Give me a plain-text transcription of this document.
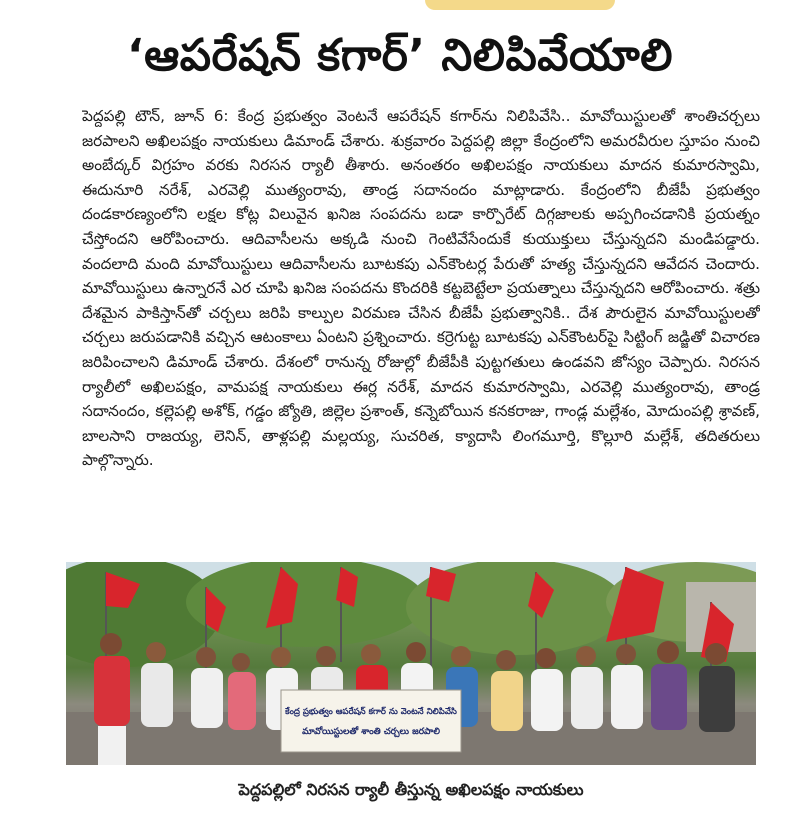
‘ఆపరేషన్ కగార్’ నిలిపివేయాలి
పెద్దపల్లి టౌన్, జూన్ 6: కేంద్ర ప్రభుత్వం వెంటనే ఆపరేషన్ కగార్‌ను నిలిపివేసి.. మావోయిస్టులతో శాంతిచర్చలు జరపాలని అఖిలపక్షం నాయకులు డిమాండ్ చేశారు. శుక్రవారం పెద్దపల్లి జిల్లా కేంద్రంలోని అమరవీరుల స్తూపం నుంచి అంబేద్కర్ విగ్రహం వరకు నిరసన ర్యాలీ తీశారు. అనంతరం అఖిలపక్షం నాయకులు మాదన కుమారస్వామి, ఈదునూరి నరేశ్, ఎరవెల్లి ముత్యంరావు, తాండ్ర సదానందం మాట్లాడారు. కేంద్రంలోని బీజేపీ ప్రభుత్వం దండకారణ్యంలోని లక్షల కోట్ల విలువైన ఖనిజ సంపదను బడా కార్పొరేట్ దిగ్గజాలకు అప్పగించడానికి ప్రయత్నం చేస్తోందని ఆరోపించారు. ఆదివాసీలను అక్కడి నుంచి గెంటివేసేందుకే కుయుక్తులు చేస్తున్నదని మండిపడ్డారు. వందలాది మంది మావోయిస్టులు ఆదివాసీలను బూటకపు ఎన్‌కౌంటర్ల పేరుతో హత్య చేస్తున్నదని ఆవేదన చెందారు. మావోయిస్టులు ఉన్నారనే ఎర చూపి ఖనిజ సంపదను కొందరికి కట్టబెట్టేలా ప్రయత్నాలు చేస్తున్నదని ఆరోపించారు. శత్రు దేశమైన పాకిస్తాన్‌తో చర్చలు జరిపి కాల్పుల విరమణ చేసిన బీజేపీ ప్రభుత్వానికి.. దేశ పౌరులైన మావోయిస్టులతో చర్చలు జరుపడానికి వచ్చిన ఆటంకాలు ఏంటని ప్రశ్నించారు. కర్రెగుట్ట బూటకపు ఎన్‌కౌంటర్‌పై సిట్టింగ్ జడ్జితో విచారణ జరిపించాలని డిమాండ్ చేశారు. దేశంలో రానున్న రోజుల్లో బీజేపీకి పుట్టగతులు ఉండవని జోస్యం చెప్పారు. నిరసన ర్యాలీలో అఖిలపక్షం, వామపక్ష నాయకులు ఈర్ల నరేశ్, మాదన కుమారస్వామి, ఎరవెల్లి ముత్యంరావు, తాండ్ర సదానందం, కల్లెపల్లి అశోక్, గడ్డం జ్యోతి, జిల్లెల ప్రశాంత్, కన్నెబోయిన కనకరాజు, గాండ్ల మల్లేశం, మోదుంపల్లి శ్రావణ్, బాలసాని రాజయ్య, లెనిన్, తాళ్లపల్లి మల్లయ్య, సుచరిత, క్యాదాసి లింగమూర్తి, కొల్లూరి మల్లేశ్, తదితరులు పాల్గొన్నారు.
కేంద్ర ప్రభుత్వం ఆపరేషన్ కగార్ ను వెంటనే నిలిపివేసి
మావోయిస్టులతో శాంతి చర్చలు జరపాలి
పెద్దపల్లిలో నిరసన ర్యాలీ తీస్తున్న అఖిలపక్షం నాయకులు
